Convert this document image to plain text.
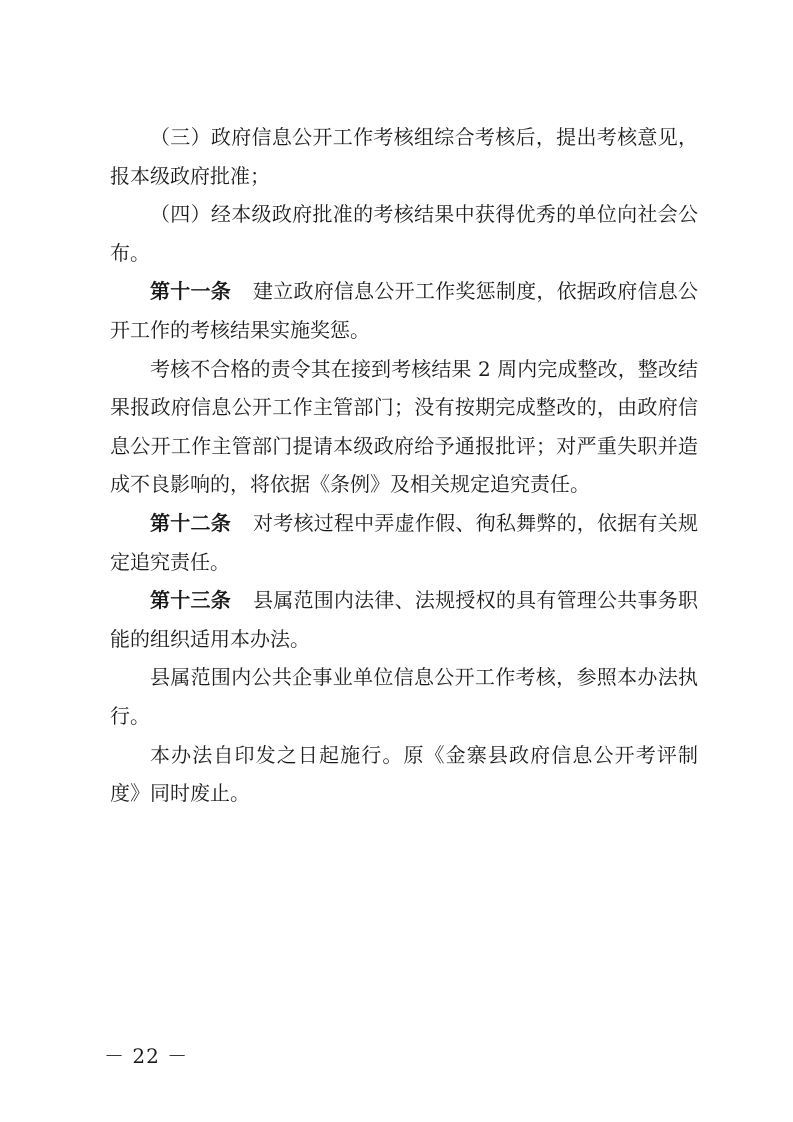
（三）政府信息公开工作考核组综合考核后，提出考核意见，报本级政府批准；

（四）经本级政府批准的考核结果中获得优秀的单位向社会公布。

第十一条 建立政府信息公开工作奖惩制度，依据政府信息公开工作的考核结果实施奖惩。

考核不合格的责令其在接到考核结果 2 周内完成整改，整改结果报政府信息公开工作主管部门；没有按期完成整改的，由政府信息公开工作主管部门提请本级政府给予通报批评；对严重失职并造成不良影响的，将依据《条例》及相关规定追究责任。

第十二条 对考核过程中弄虚作假、徇私舞弊的，依据有关规定追究责任。

第十三条 县属范围内法律、法规授权的具有管理公共事务职能的组织适用本办法。

县属范围内公共企事业单位信息公开工作考核，参照本办法执行。

本办法自印发之日起施行。原《金寨县政府信息公开考评制度》同时废止。

－ 22 －
